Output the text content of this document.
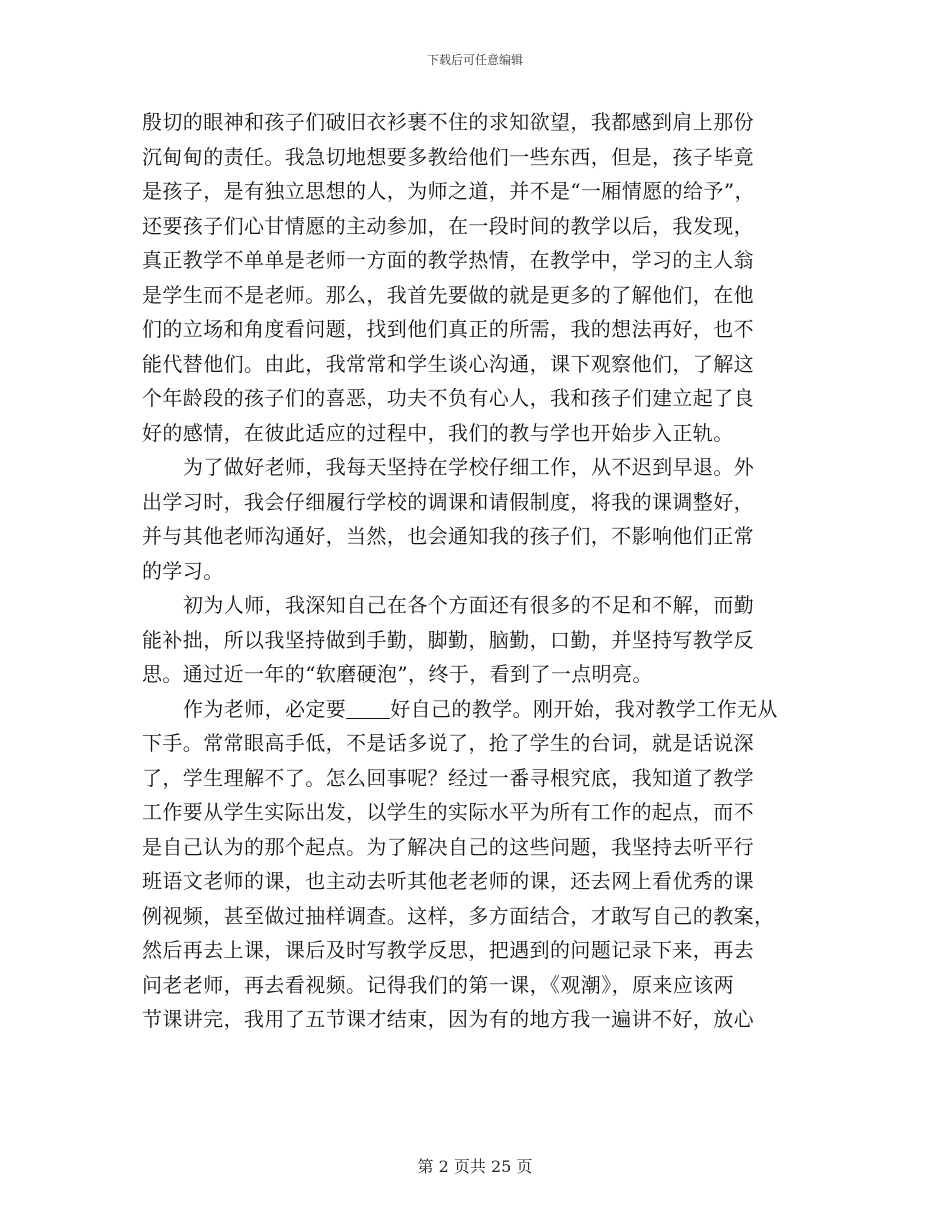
下载后可任意编辑
殷切的眼神和孩子们破旧衣衫裹不住的求知欲望，我都感到肩上那份
沉甸甸的责任。我急切地想要多教给他们一些东西，但是，孩子毕竟
是孩子，是有独立思想的人，为师之道，并不是“一厢情愿的给予”，
还要孩子们心甘情愿的主动参加，在一段时间的教学以后，我发现，
真正教学不单单是老师一方面的教学热情，在教学中，学习的主人翁
是学生而不是老师。那么，我首先要做的就是更多的了解他们，在他
们的立场和角度看问题，找到他们真正的所需，我的想法再好，也不
能代替他们。由此，我常常和学生谈心沟通，课下观察他们，了解这
个年龄段的孩子们的喜恶，功夫不负有心人，我和孩子们建立起了良
好的感情，在彼此适应的过程中，我们的教与学也开始步入正轨。
为了做好老师，我每天坚持在学校仔细工作，从不迟到早退。外
出学习时，我会仔细履行学校的调课和请假制度，将我的课调整好，
并与其他老师沟通好，当然，也会通知我的孩子们，不影响他们正常
的学习。
初为人师，我深知自己在各个方面还有很多的不足和不解，而勤
能补拙，所以我坚持做到手勤，脚勤，脑勤，口勤，并坚持写教学反
思。通过近一年的“软磨硬泡”，终于，看到了一点明亮。
作为老师，必定要 好自己的教学。刚开始，我对教学工作无从
下手。常常眼高手低，不是话多说了，抢了学生的台词，就是话说深
了，学生理解不了。怎么回事呢？经过一番寻根究底，我知道了教学
工作要从学生实际出发，以学生的实际水平为所有工作的起点，而不
是自己认为的那个起点。为了解决自己的这些问题，我坚持去听平行
班语文老师的课，也主动去听其他老老师的课，还去网上看优秀的课
例视频，甚至做过抽样调查。这样，多方面结合，才敢写自己的教案，
然后再去上课，课后及时写教学反思，把遇到的问题记录下来，再去
问老老师，再去看视频。记得我们的第一课，《观潮》，原来应该两
节课讲完，我用了五节课才结束，因为有的地方我一遍讲不好，放心
第 2 页共 25 页
